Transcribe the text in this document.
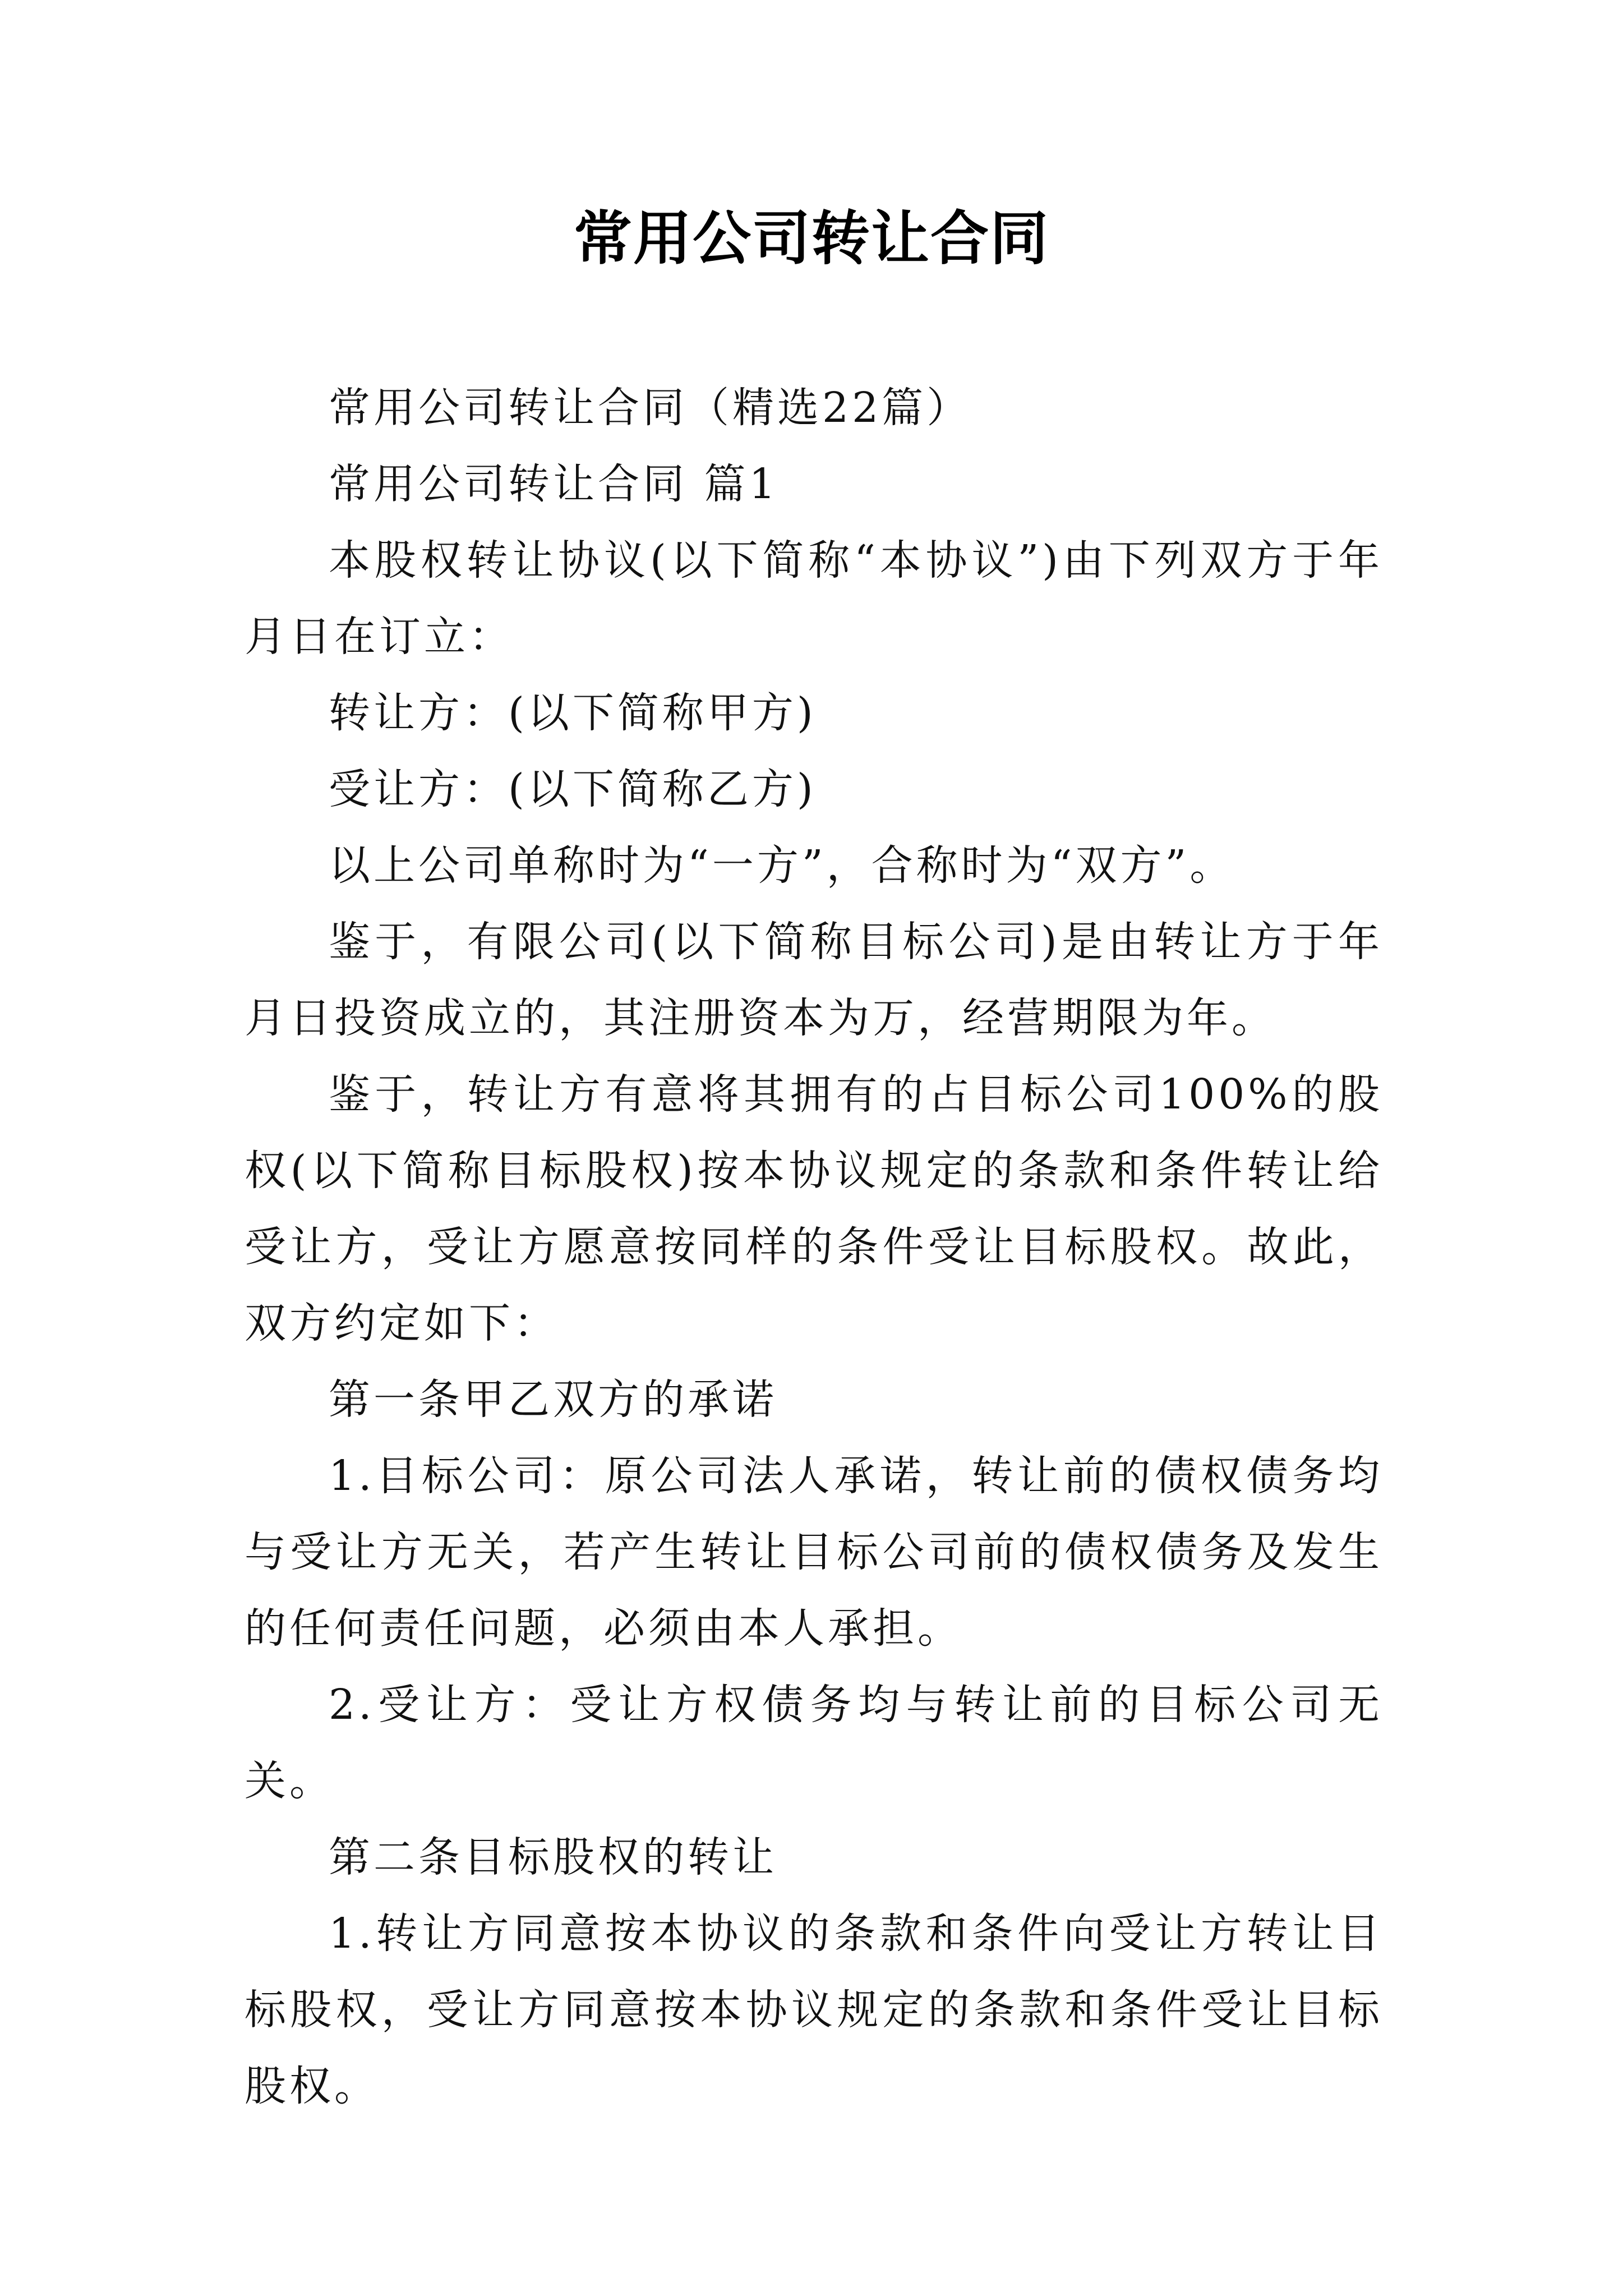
常用公司转让合同

常用公司转让合同（精选22篇）

常用公司转让合同 篇1

本股权转让协议(以下简称“本协议”)由下列双方于年月日在订立：

转让方：(以下简称甲方)

受让方：(以下简称乙方)

以上公司单称时为“一方”，合称时为“双方”。

鉴于，有限公司(以下简称目标公司)是由转让方于年月日投资成立的，其注册资本为万，经营期限为年。

鉴于，转让方有意将其拥有的占目标公司100%的股权(以下简称目标股权)按本协议规定的条款和条件转让给受让方，受让方愿意按同样的条件受让目标股权。故此，双方约定如下：

第一条甲乙双方的承诺

1.目标公司：原公司法人承诺，转让前的债权债务均与受让方无关，若产生转让目标公司前的债权债务及发生的任何责任问题，必须由本人承担。

2.受让方：受让方权债务均与转让前的目标公司无关。

第二条目标股权的转让

1.转让方同意按本协议的条款和条件向受让方转让目标股权，受让方同意按本协议规定的条款和条件受让目标股权。
